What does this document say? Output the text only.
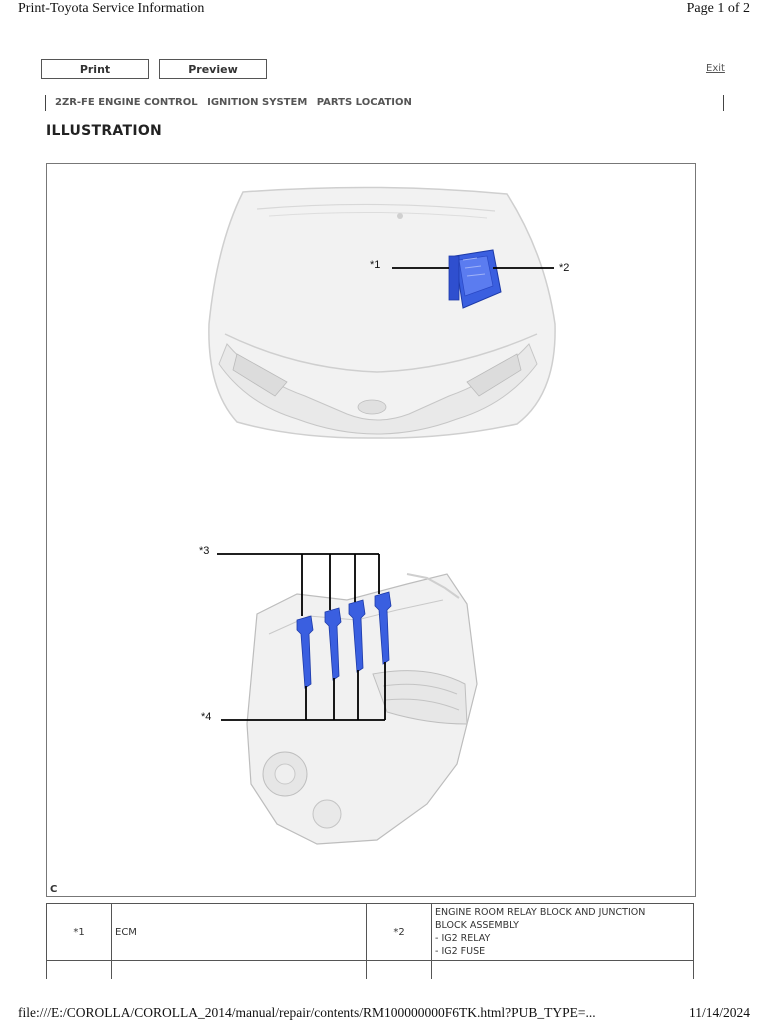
Print-Toyota Service Information	Page 1 of 2
Print	Preview	Exit
2ZR-FE ENGINE CONTROL IGNITION SYSTEM PARTS LOCATION
ILLUSTRATION
*1	*2
*3
*4
C
*1	ECM	*2	ENGINE ROOM RELAY BLOCK AND JUNCTION
BLOCK ASSEMBLY
- IG2 RELAY
- IG2 FUSE

file:///E:/COROLLA/COROLLA_2014/manual/repair/contents/RM100000000F6TK.html?PUB_TYPE=...	11/14/2024
